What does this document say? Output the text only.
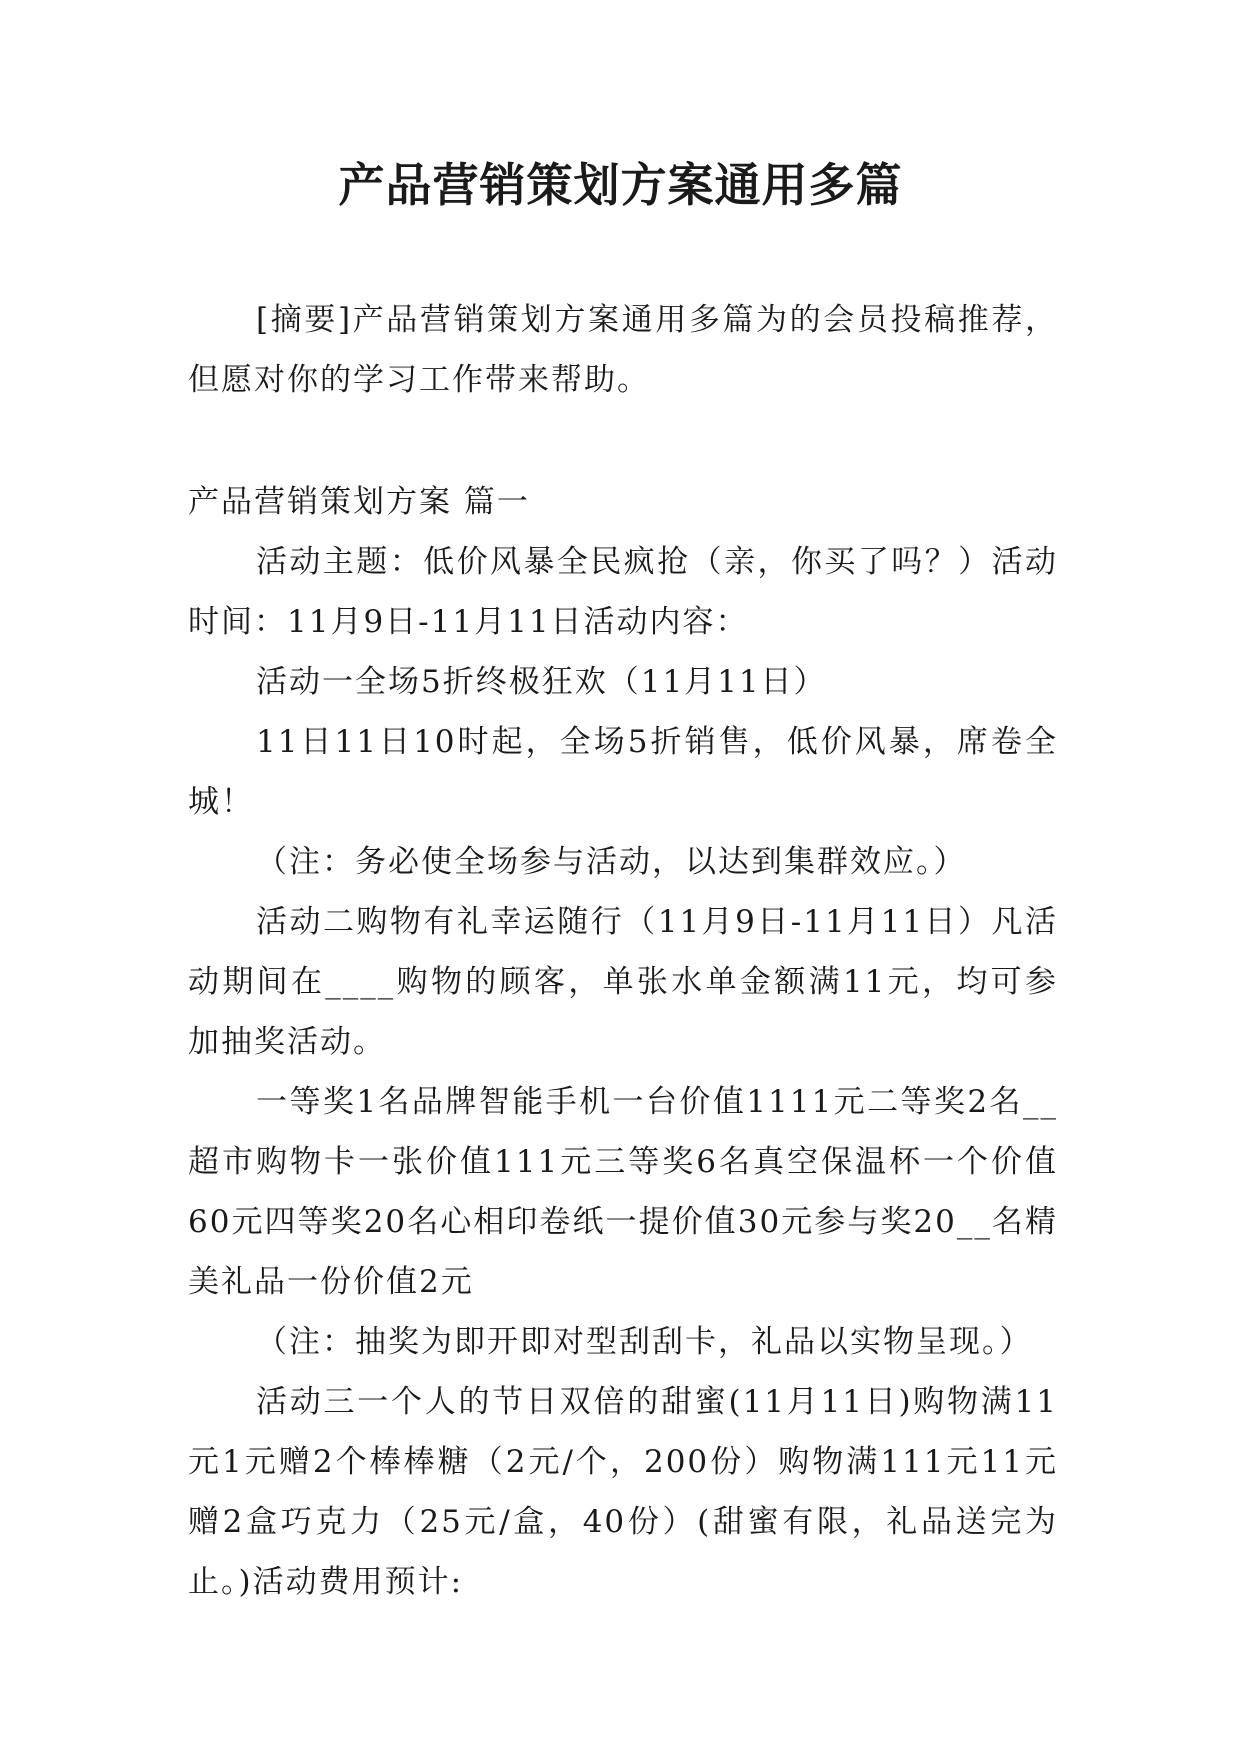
产品营销策划方案通用多篇

[摘要]产品营销策划方案通用多篇为的会员投稿推荐，但愿对你的学习工作带来帮助。

产品营销策划方案 篇一

活动主题：低价风暴全民疯抢（亲，你买了吗？）活动时间：11月9日-11月11日活动内容：

活动一全场5折终极狂欢（11月11日）

11日11日10时起，全场5折销售，低价风暴，席卷全城！

（注：务必使全场参与活动，以达到集群效应。）

活动二购物有礼幸运随行（11月9日-11月11日）凡活动期间在____购物的顾客，单张水单金额满11元，均可参加抽奖活动。

一等奖1名品牌智能手机一台价值1111元二等奖2名__超市购物卡一张价值111元三等奖6名真空保温杯一个价值60元四等奖20名心相印卷纸一提价值30元参与奖20__名精美礼品一份价值2元

（注：抽奖为即开即对型刮刮卡，礼品以实物呈现。）

活动三一个人的节日双倍的甜蜜(11月11日)购物满11元1元赠2个棒棒糖（2元/个，200份）购物满111元11元赠2盒巧克力（25元/盒，40份）(甜蜜有限，礼品送完为止。)活动费用预计:
